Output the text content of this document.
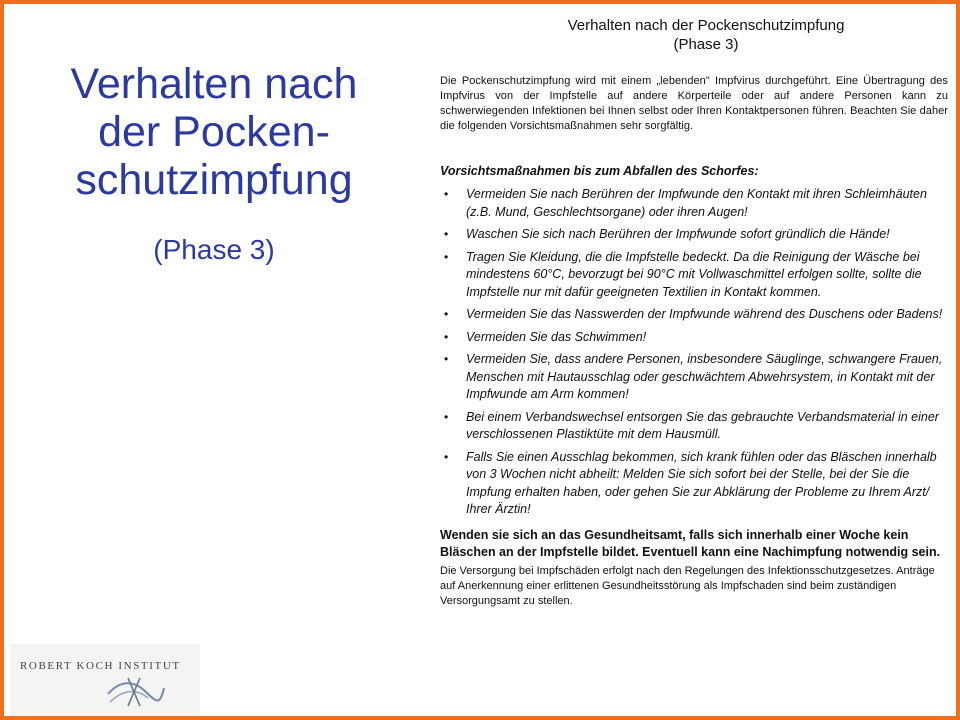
Verhalten nach
der Pocken-
schutzimpfung
(Phase 3)
ROBERT KOCH INSTITUT
Verhalten nach der Pockenschutzimpfung
(Phase 3)

Die Pockenschutzimpfung wird mit einem „lebenden" Impfvirus durchgeführt. Eine Übertragung des Impfvirus von der Impfstelle auf andere Körperteile oder auf andere Personen kann zu schwerwiegenden Infektionen bei Ihnen selbst oder Ihren Kontaktpersonen führen. Beachten Sie daher die folgenden Vorsichtsmaßnahmen sehr sorgfältig.

Vorsichtsmaßnahmen bis zum Abfallen des Schorfes:
• Vermeiden Sie nach Berühren der Impfwunde den Kontakt mit ihren Schleimhäuten (z.B. Mund, Geschlechtsorgane) oder ihren Augen!
• Waschen Sie sich nach Berühren der Impfwunde sofort gründlich die Hände!
• Tragen Sie Kleidung, die die Impfstelle bedeckt. Da die Reinigung der Wäsche bei mindestens 60°C, bevorzugt bei 90°C mit Vollwaschmittel erfolgen sollte, sollte die Impfstelle nur mit dafür geeigneten Textilien in Kontakt kommen.
• Vermeiden Sie das Nasswerden der Impfwunde während des Duschens oder Badens!
• Vermeiden Sie das Schwimmen!
• Vermeiden Sie, dass andere Personen, insbesondere Säuglinge, schwangere Frauen, Menschen mit Hautausschlag oder geschwächtem Abwehrsystem, in Kontakt mit der Impfwunde am Arm kommen!
• Bei einem Verbandswechsel entsorgen Sie das gebrauchte Verbandsmaterial in einer verschlossenen Plastiktüte mit dem Hausmüll.
• Falls Sie einen Ausschlag bekommen, sich krank fühlen oder das Bläschen innerhalb von 3 Wochen nicht abheilt: Melden Sie sich sofort bei der Stelle, bei der Sie die Impfung erhalten haben, oder gehen Sie zur Abklärung der Probleme zu Ihrem Arzt/ Ihrer Ärztin!

Wenden sie sich an das Gesundheitsamt, falls sich innerhalb einer Woche kein Bläschen an der Impfstelle bildet. Eventuell kann eine Nachimpfung notwendig sein.

Die Versorgung bei Impfschäden erfolgt nach den Regelungen des Infektionsschutzgesetzes. Anträge auf Anerkennung einer erlittenen Gesundheitsstörung als Impfschaden sind beim zuständigen Versorgungsamt zu stellen.
